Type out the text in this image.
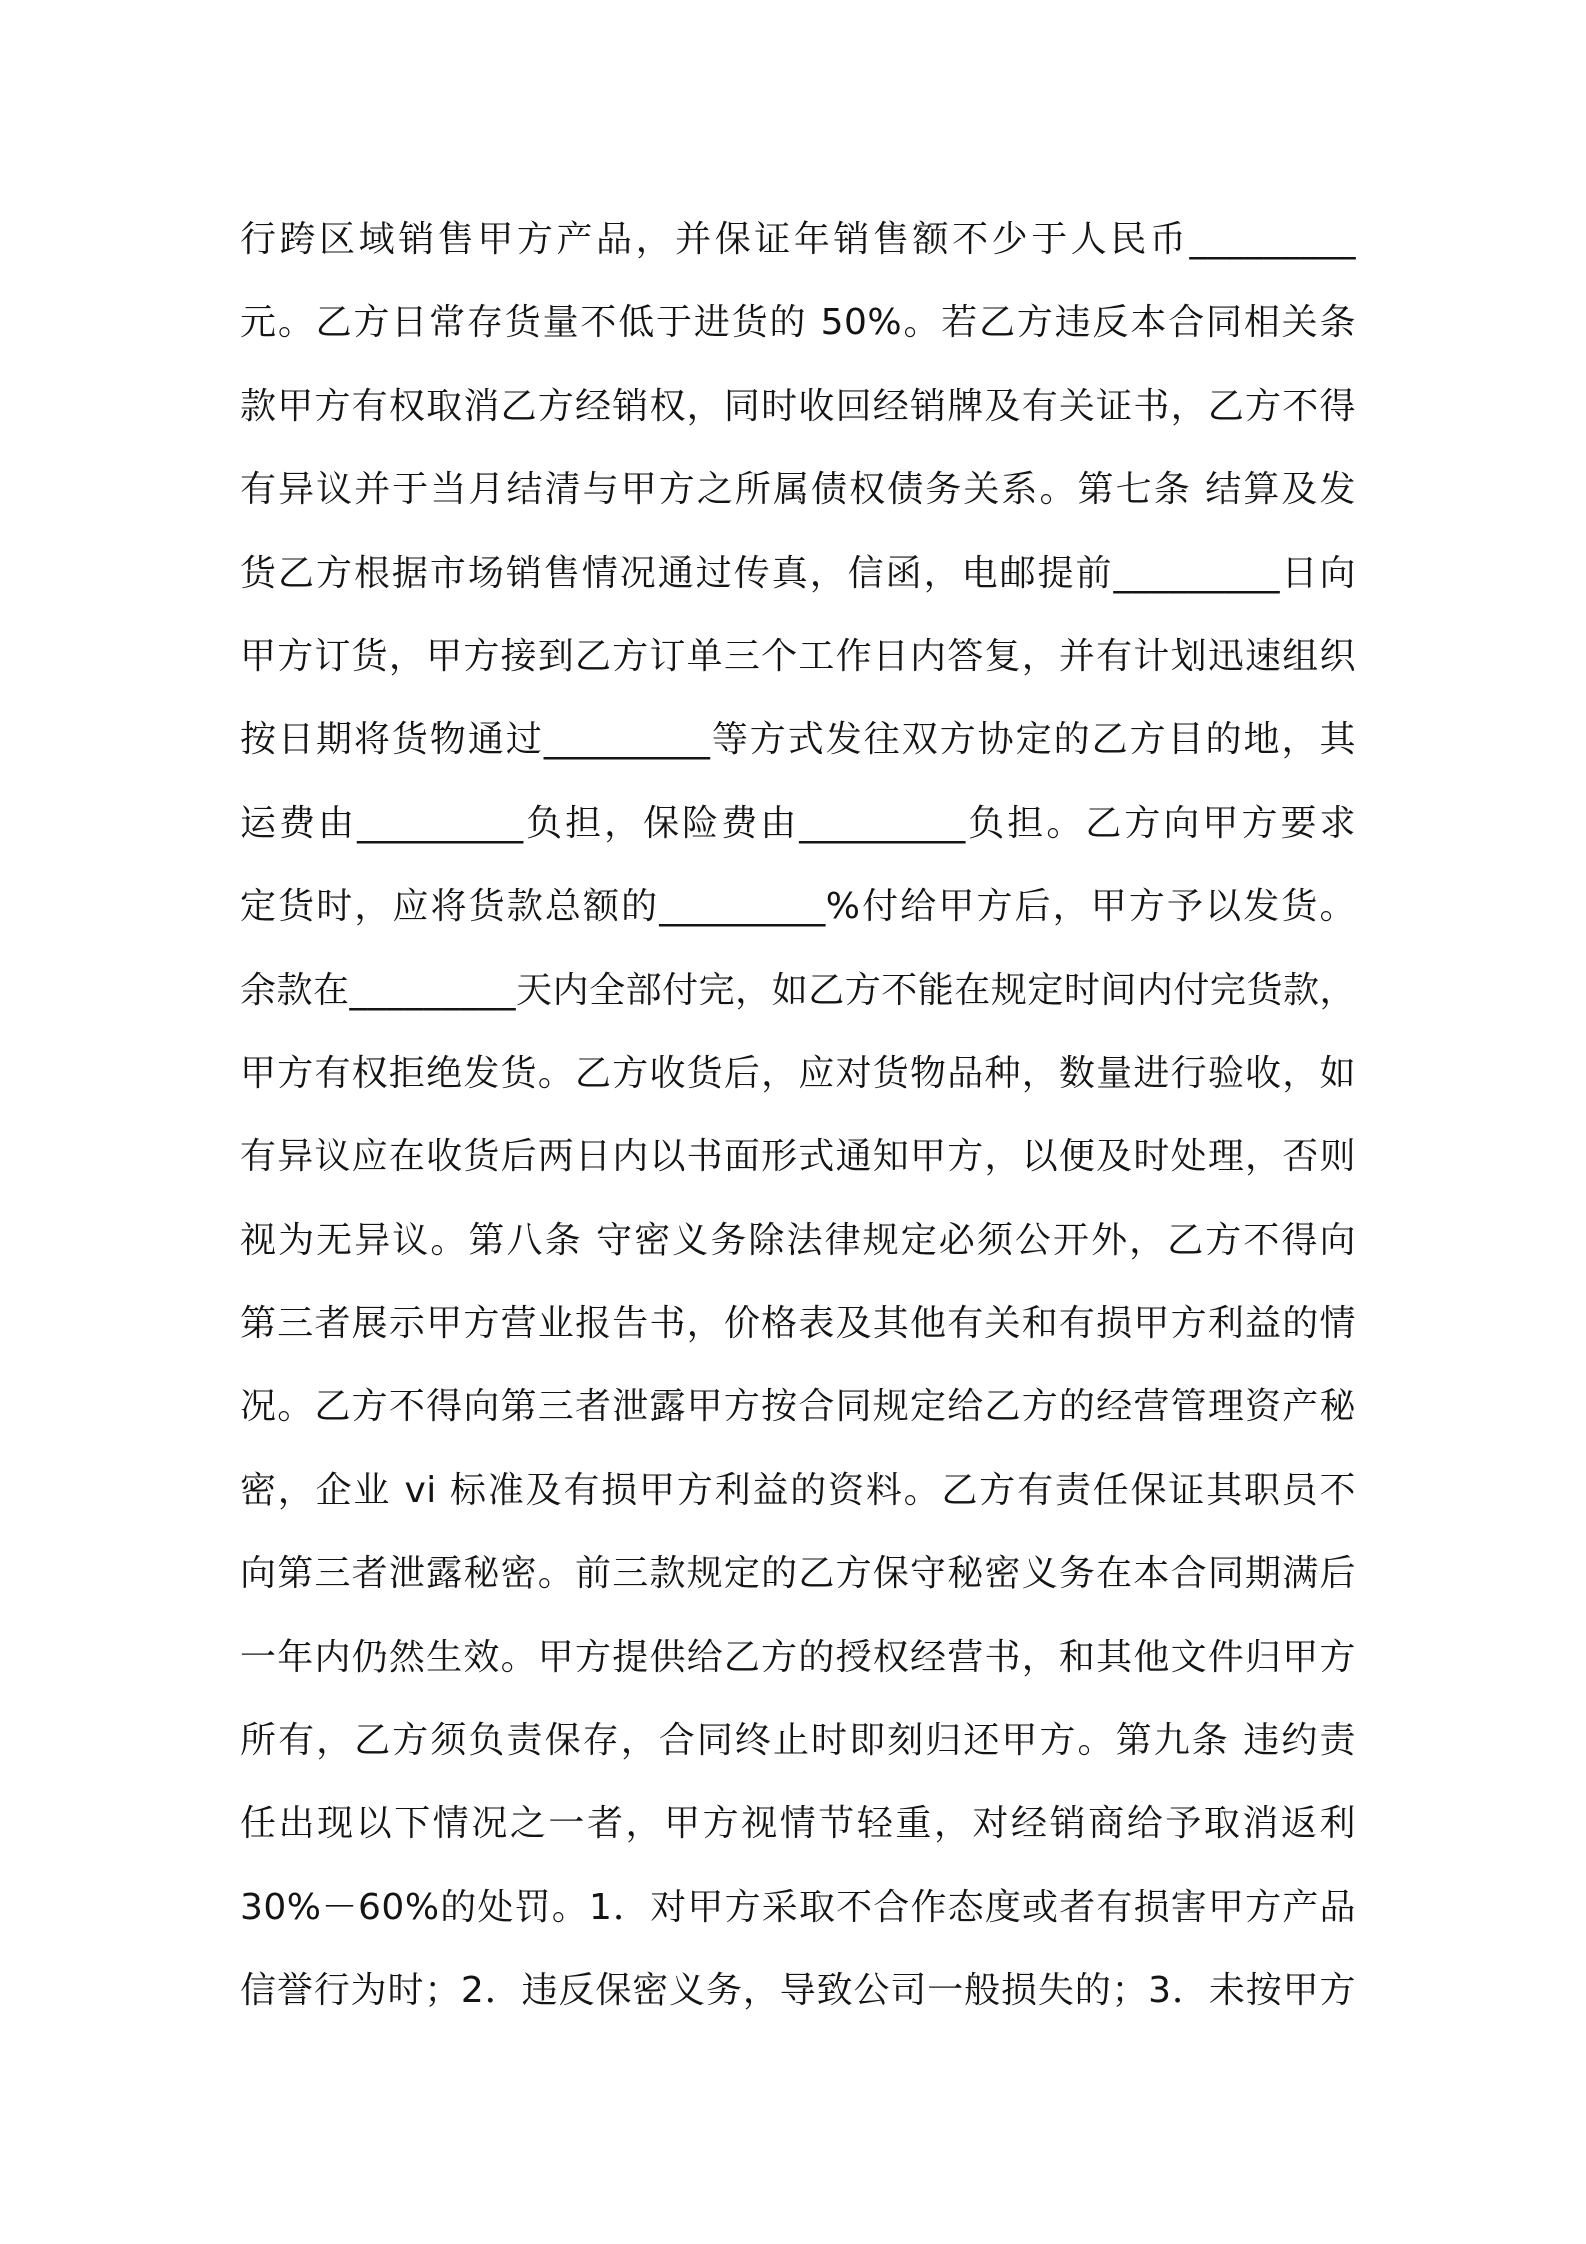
行跨区域销售甲方产品，并保证年销售额不少于人民币_________
元。乙方日常存货量不低于进货的 50%。若乙方违反本合同相关条
款甲方有权取消乙方经销权，同时收回经销牌及有关证书，乙方不得
有异议并于当月结清与甲方之所属债权债务关系。第七条 结算及发
货乙方根据市场销售情况通过传真，信函，电邮提前_________日向
甲方订货，甲方接到乙方订单三个工作日内答复，并有计划迅速组织
按日期将货物通过_________等方式发往双方协定的乙方目的地，其
运费由_________负担，保险费由_________负担。乙方向甲方要求
定货时，应将货款总额的_________%付给甲方后，甲方予以发货。
余款在_________天内全部付完，如乙方不能在规定时间内付完货款，
甲方有权拒绝发货。乙方收货后，应对货物品种，数量进行验收，如
有异议应在收货后两日内以书面形式通知甲方，以便及时处理，否则
视为无异议。第八条 守密义务除法律规定必须公开外，乙方不得向
第三者展示甲方营业报告书，价格表及其他有关和有损甲方利益的情
况。乙方不得向第三者泄露甲方按合同规定给乙方的经营管理资产秘
密，企业 vi 标准及有损甲方利益的资料。乙方有责任保证其职员不
向第三者泄露秘密。前三款规定的乙方保守秘密义务在本合同期满后
一年内仍然生效。甲方提供给乙方的授权经营书，和其他文件归甲方
所有，乙方须负责保存，合同终止时即刻归还甲方。第九条 违约责
任出现以下情况之一者，甲方视情节轻重，对经销商给予取消返利
30%－60%的处罚。1．对甲方采取不合作态度或者有损害甲方产品
信誉行为时；2．违反保密义务，导致公司一般损失的；3．未按甲方
